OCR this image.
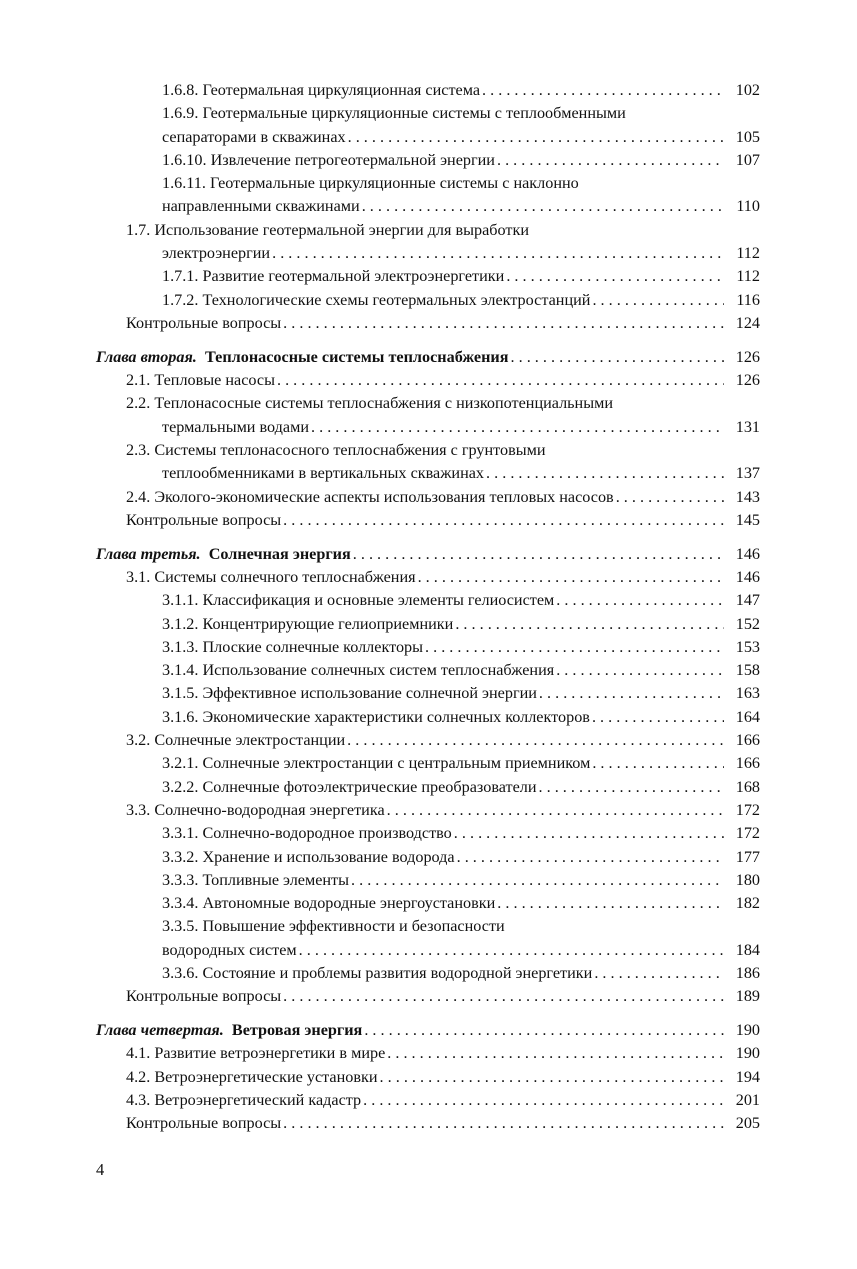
1.6.8. Геотермальная циркуляционная система . . .	102
1.6.9. Геотермальные циркуляционные системы с теплообменными
сепараторами в скважинах . . .	105
1.6.10. Извлечение петрогеотермальной энергии . . .	107
1.6.11. Геотермальные циркуляционные системы с наклонно
направленными скважинами . . .	110
1.7. Использование геотермальной энергии для выработки
электроэнергии . . .	112
1.7.1. Развитие геотермальной электроэнергетики . . .	112
1.7.2. Технологические схемы геотермальных электростанций . . .	116
Контрольные вопросы . . .	124
Глава вторая. Теплонасосные системы теплоснабжения . . .	126
2.1. Тепловые насосы . . .	126
2.2. Теплонасосные системы теплоснабжения с низкопотенциальными
термальными водами . . .	131
2.3. Системы теплонасосного теплоснабжения с грунтовыми
теплообменниками в вертикальных скважинах . . .	137
2.4. Эколого-экономические аспекты использования тепловых насосов . . .	143
Контрольные вопросы . . .	145
Глава третья. Солнечная энергия . . .	146
3.1. Системы солнечного теплоснабжения . . .	146
3.1.1. Классификация и основные элементы гелиосистем . . .	147
3.1.2. Концентрирующие гелиоприемники . . .	152
3.1.3. Плоские солнечные коллекторы . . .	153
3.1.4. Использование солнечных систем теплоснабжения . . .	158
3.1.5. Эффективное использование солнечной энергии . . .	163
3.1.6. Экономические характеристики солнечных коллекторов . . .	164
3.2. Солнечные электростанции . . .	166
3.2.1. Солнечные электростанции с центральным приемником . . .	166
3.2.2. Солнечные фотоэлектрические преобразователи . . .	168
3.3. Солнечно-водородная энергетика . . .	172
3.3.1. Солнечно-водородное производство . . .	172
3.3.2. Хранение и использование водорода . . .	177
3.3.3. Топливные элементы . . .	180
3.3.4. Автономные водородные энергоустановки . . .	182
3.3.5. Повышение эффективности и безопасности
водородных систем . . .	184
3.3.6. Состояние и проблемы развития водородной энергетики . . .	186
Контрольные вопросы . . .	189
Глава четвертая. Ветровая энергия . . .	190
4.1. Развитие ветроэнергетики в мире . . .	190
4.2. Ветроэнергетические установки . . .	194
4.3. Ветроэнергетический кадастр . . .	201
Контрольные вопросы . . .	205
4
